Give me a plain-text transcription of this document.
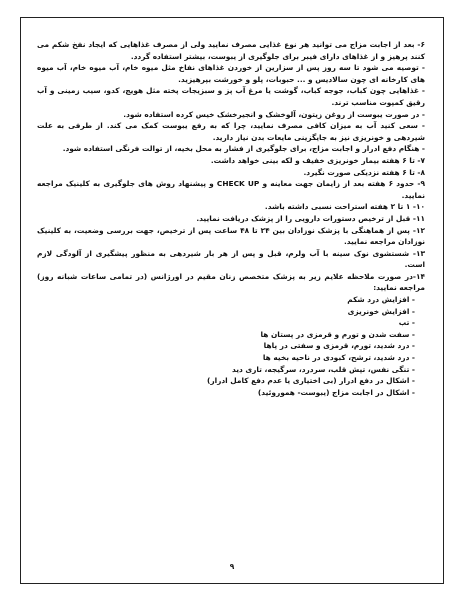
۶- بعد از اجابت مزاج می توانید هر نوع غذایی مصرف نمایید ولی از مصرف غذاهایی که ایجاد نفخ شکم می کنند پرهیز و از غذاهای دارای فیبر برای جلوگیری از یبوست، بیشتر استفاده گردد.

- توصیه می شود تا سه روز پس از سزارین از خوردن غذاهای نفاخ مثل میوه خام، آب میوه خام، آب میوه های کارخانه ای چون سالادیس و ... حبوبات، پلو و خورشت بپرهیزید.

- غذاهایی چون کباب، جوجه کباب، گوشت یا مرغ آب پز و سبزیجات پخته مثل هویج، کدو، سیب زمینی و آب رقیق کمپوت مناسب ترند.

- در صورت یبوست از روغن زیتون، آلوخشک و انجیرخشک خیس کرده استفاده شود.

- سعی کنید آب به میزان کافی مصرف نمایید، چرا که به رفع یبوست کمک می کند. از طرفی به علت شیردهی و خونریزی نیز به جایگزینی مایعات بدن نیاز دارید.

- هنگام دفع ادرار و اجابت مزاج، برای جلوگیری از فشار به محل بخیه، از توالت فرنگی استفاده شود.

۷- تا ۶ هفته بیمار خونریزی خفیف و لکه بینی خواهد داشت.

۸- تا ۶ هفته نزدیکی صورت نگیرد.

۹- حدود ۶ هفته بعد از زایمان جهت معاینه و CHECK UP و پیشنهاد روش های جلوگیری به کلینیک مراجعه نمایید.

۱۰- ۱ تا ۲ هفته استراحت نسبی داشته باشد.

۱۱- قبل از ترخیص دستورات دارویی را از پزشک دریافت نمایید.

۱۲- پس از هماهنگی با پزشک نوزادان بین ۲۴ تا ۴۸ ساعت پس از ترخیص، جهت بررسی وضعیت، به کلینیک نوزادان مراجعه نمایید.

۱۳- شستشوی نوک سینه با آب ولرم، قبل و پس از هر بار شیردهی به منظور پیشگیری از آلودگی لازم است.

۱۴-در صورت ملاحظه علایم زیر به پزشک متخصص زنان مقیم در اورژانس (در تمامی ساعات شبانه روز) مراجعه نمایید:

- افزایش درد شکم

- افزایش خونریزی

- تب

- سفت شدن و تورم و قرمزی در پستان ها

- درد شدید، تورم، قرمزی و سفتی در پاها

- درد شدید، ترشح، کبودی در ناحیه بخیه ها

- تنگی نفس، تپش قلب، سردرد، سرگیجه، تاری دید

- اشکال در دفع ادرار (بی اختیاری یا عدم دفع کامل ادرار)

- اشکال در اجابت مزاج (یبوست- هموروئید)

۹
